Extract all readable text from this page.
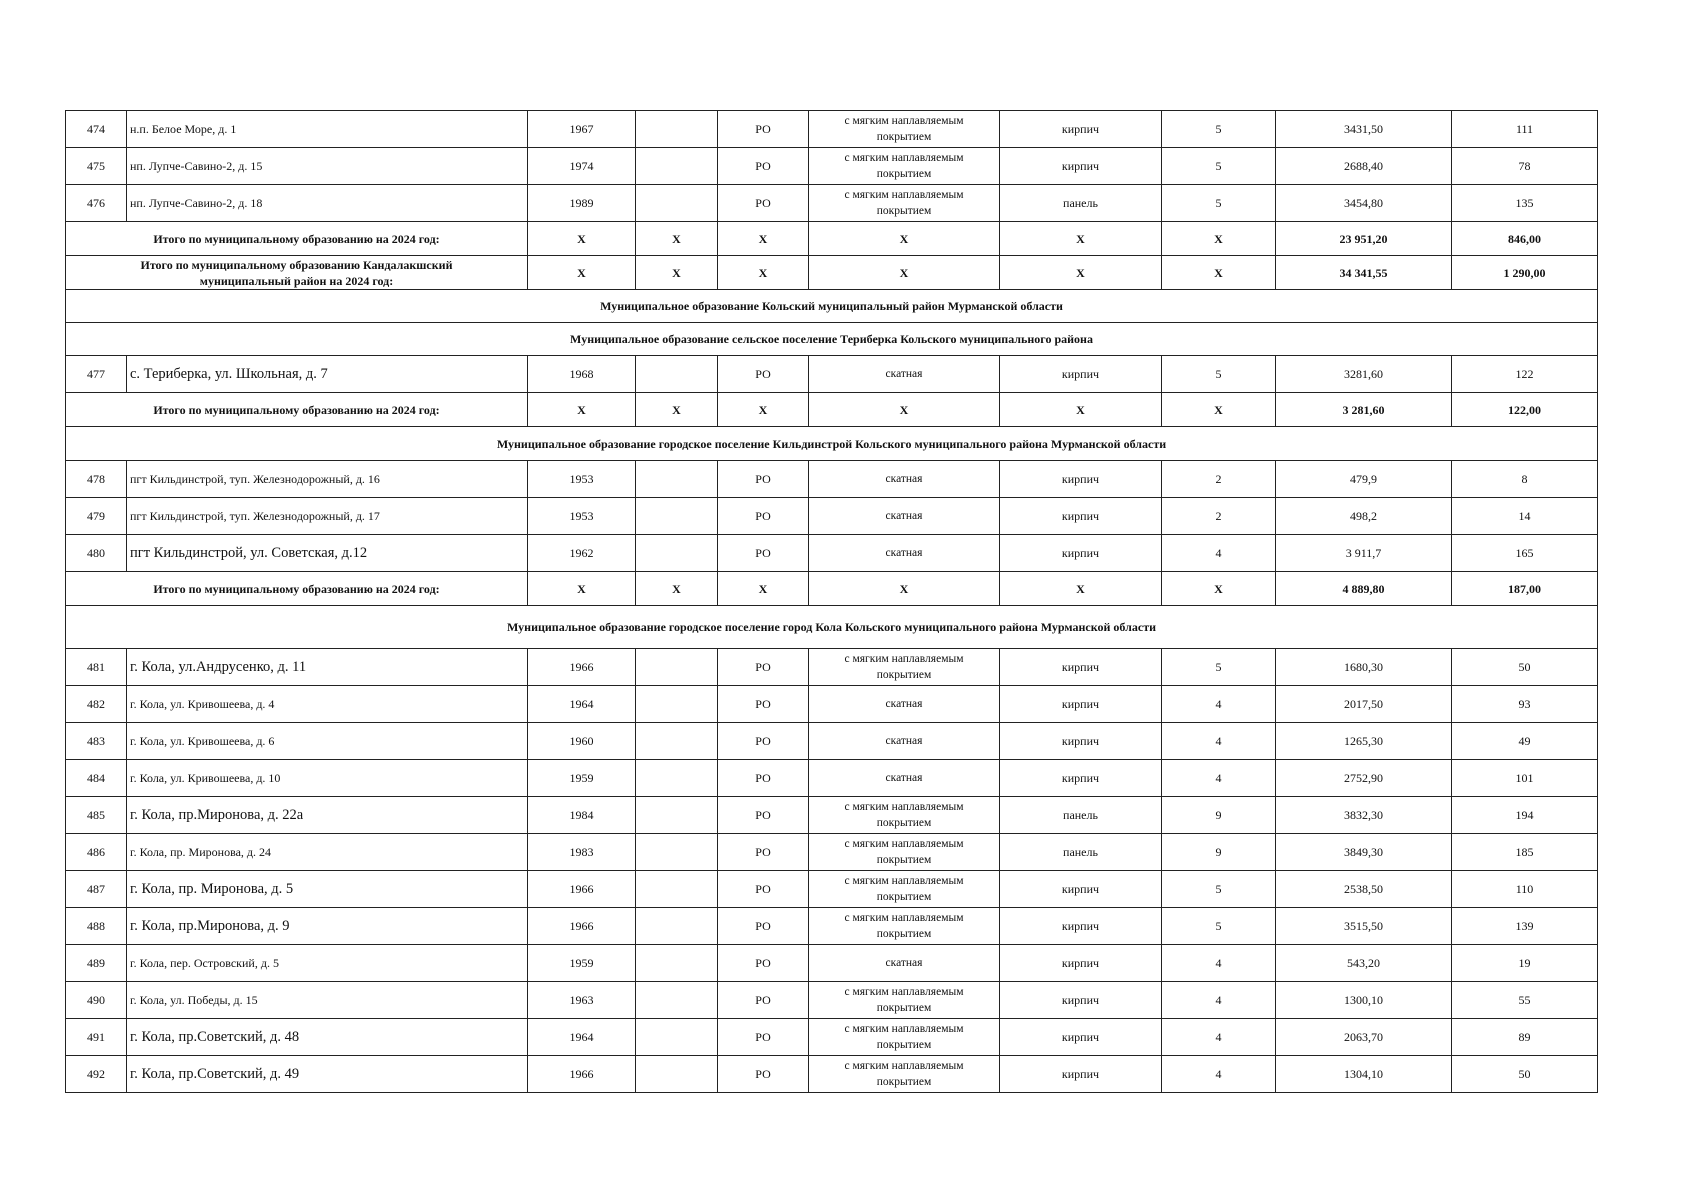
474	н.п. Белое Море, д. 1	1967		РО	с мягким наплавляемым
покрытием	кирпич	5	3431,50	111
475	нп. Лупче-Савино-2, д. 15	1974		РО	с мягким наплавляемым
покрытием	кирпич	5	2688,40	78
476	нп. Лупче-Савино-2, д. 18	1989		РО	с мягким наплавляемым
покрытием	панель	5	3454,80	135

Итого по муниципальному образованию на 2024 год:		X	X	X	X	X	X	23 951,20	846,00

Итого по муниципальному образованию Кандалакшский
муниципальный район на 2024 год:		X	X	X	X	X	X	34 341,55	1 290,00
Муниципальное образование Кольский муниципальный район Мурманской области									
Муниципальное образование сельское поселение Териберка Кольского муниципального района									
477	с. Териберка, ул. Школьная, д. 7	1968		РО	скатная	кирпич	5	3281,60	122

Итого по муниципальному образованию на 2024 год:		X	X	X	X	X	X	3 281,60	122,00
Муниципальное образование городское поселение Кильдинстрой Кольского муниципального района Мурманской области									
478	пгт Кильдинстрой, туп. Железнодорожный, д. 16	1953		РО	скатная	кирпич	2	479,9	8
479	пгт Кильдинстрой, туп. Железнодорожный, д. 17	1953		РО	скатная	кирпич	2	498,2	14
480	пгт Кильдинстрой, ул. Советская, д.12	1962		РО	скатная	кирпич	4	3 911,7	165

Итого по муниципальному образованию на 2024 год:		X	X	X	X	X	X	4 889,80	187,00
Муниципальное образование городское поселение город Кола Кольского муниципального района Мурманской области									
481	г. Кола, ул.Андрусенко, д. 11	1966		РО	с мягким наплавляемым
покрытием	кирпич	5	1680,30	50
482	г. Кола, ул. Кривошеева, д. 4	1964		РО	скатная	кирпич	4	2017,50	93
483	г. Кола, ул. Кривошеева, д. 6	1960		РО	скатная	кирпич	4	1265,30	49
484	г. Кола, ул. Кривошеева, д. 10	1959		РО	скатная	кирпич	4	2752,90	101
485	г. Кола, пр.Миронова, д. 22а	1984		РО	с мягким наплавляемым
покрытием	панель	9	3832,30	194
486	г. Кола, пр. Миронова, д. 24	1983		РО	с мягким наплавляемым
покрытием	панель	9	3849,30	185
487	г. Кола, пр. Миронова, д. 5	1966		РО	с мягким наплавляемым
покрытием	кирпич	5	2538,50	110
488	г. Кола, пр.Миронова, д. 9	1966		РО	с мягким наплавляемым
покрытием	кирпич	5	3515,50	139
489	г. Кола, пер. Островский, д. 5	1959		РО	скатная	кирпич	4	543,20	19
490	г. Кола, ул. Победы, д. 15	1963		РО	с мягким наплавляемым
покрытием	кирпич	4	1300,10	55
491	г. Кола, пр.Советский, д. 48	1964		РО	с мягким наплавляемым
покрытием	кирпич	4	2063,70	89
492	г. Кола, пр.Советский, д. 49	1966		РО	с мягким наплавляемым
покрытием	кирпич	4	1304,10	50
